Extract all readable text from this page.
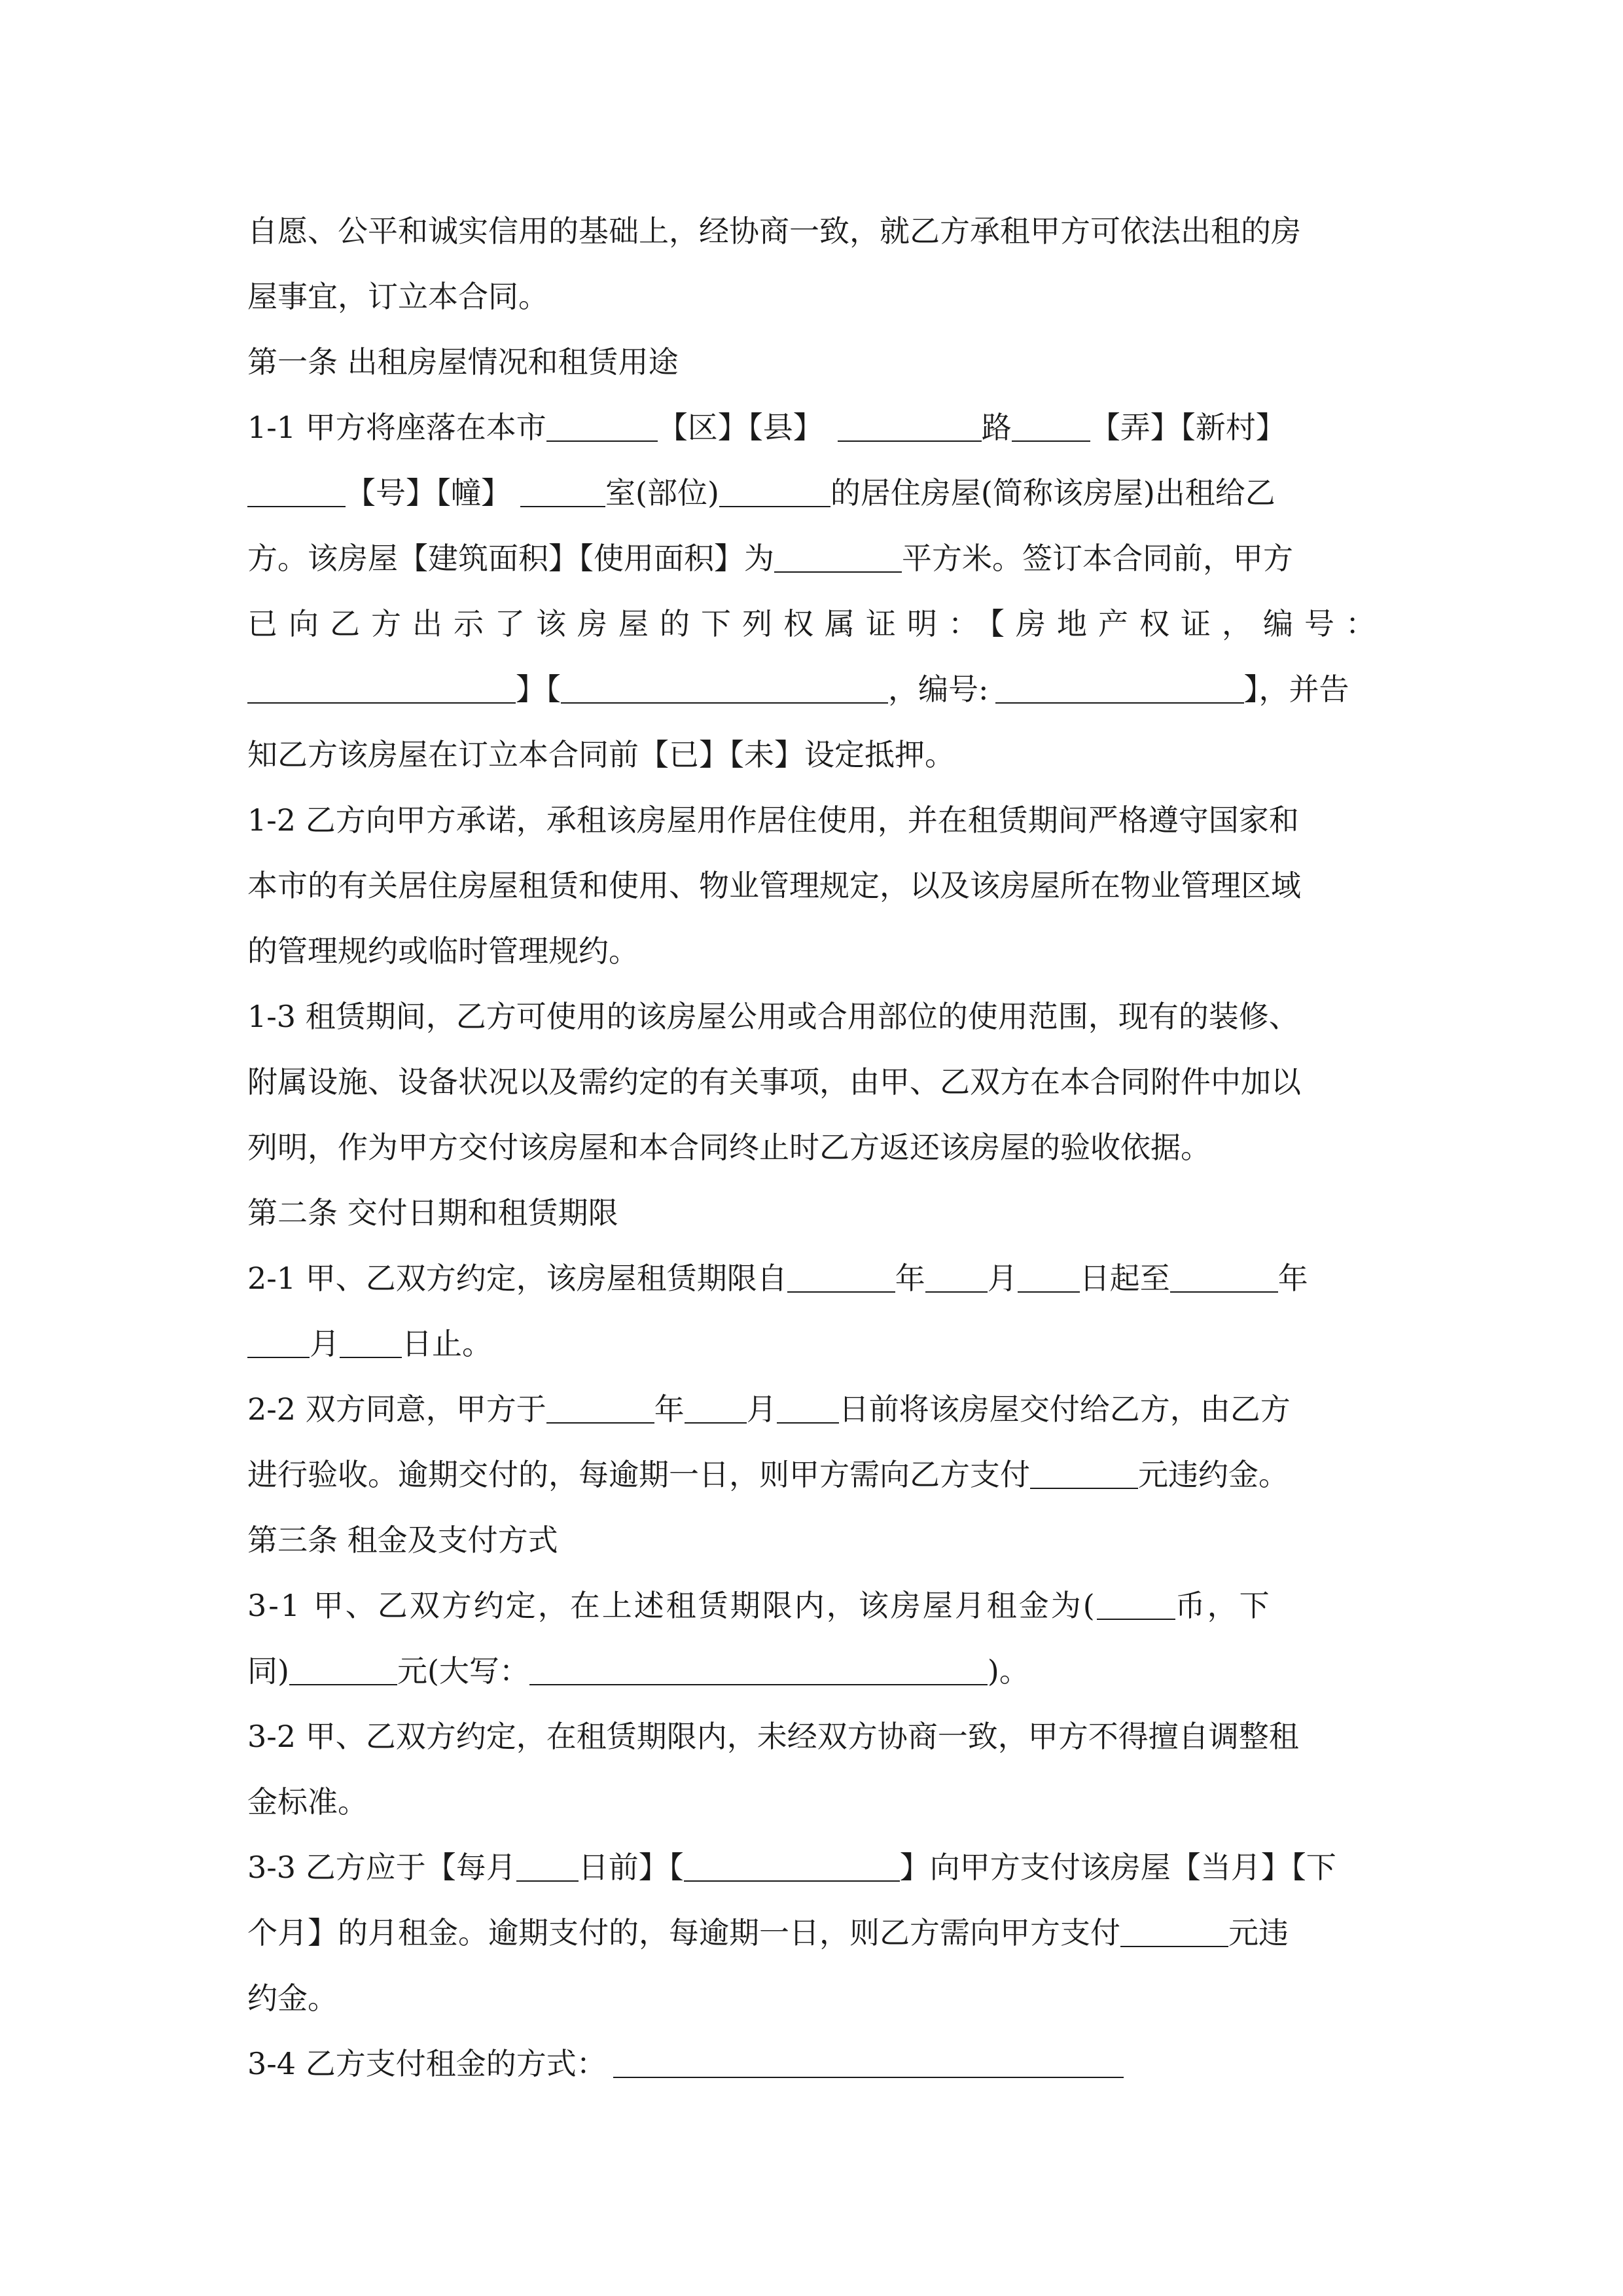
自愿、公平和诚实信用的基础上，经协商一致，就乙方承租甲方可依法出租的房
屋事宜，订立本合同。
第一条 出租房屋情况和租赁用途
1-1 甲方将座落在本市	【区】【县】	路	【弄】【新村】
【号】【幢】	室(部位)	的居住房屋(简称该房屋)出租给乙
方。该房屋【建筑面积】【使用面积】为	平方米。签订本合同前，甲方
已向乙方出示了该房屋的下列权属证明：【房地产权证，编号：
】【	，编号:	】，并告
知乙方该房屋在订立本合同前【已】【未】设定抵押。
1-2 乙方向甲方承诺，承租该房屋用作居住使用，并在租赁期间严格遵守国家和
本市的有关居住房屋租赁和使用、物业管理规定，以及该房屋所在物业管理区域
的管理规约或临时管理规约。
1-3 租赁期间，乙方可使用的该房屋公用或合用部位的使用范围，现有的装修、
附属设施、设备状况以及需约定的有关事项，由甲、乙双方在本合同附件中加以
列明，作为甲方交付该房屋和本合同终止时乙方返还该房屋的验收依据。
第二条 交付日期和租赁期限
2-1 甲、乙双方约定，该房屋租赁期限自	年 月 日起至	年
月 日止。
2-2 双方同意，甲方于	年 月 日前将该房屋交付给乙方，由乙方
进行验收。逾期交付的，每逾期一日，则甲方需向乙方支付	元违约金。
第三条 租金及支付方式
3-1 甲、乙双方约定，在上述租赁期限内，该房屋月租金为(	币，下
同)	元(大写：	)。
3-2 甲、乙双方约定，在租赁期限内，未经双方协商一致，甲方不得擅自调整租
金标准。
3-3 乙方应于【每月 日前】【	】向甲方支付该房屋【当月】【下
个月】的月租金。逾期支付的，每逾期一日，则乙方需向甲方支付	元违
约金。
3-4 乙方支付租金的方式：
